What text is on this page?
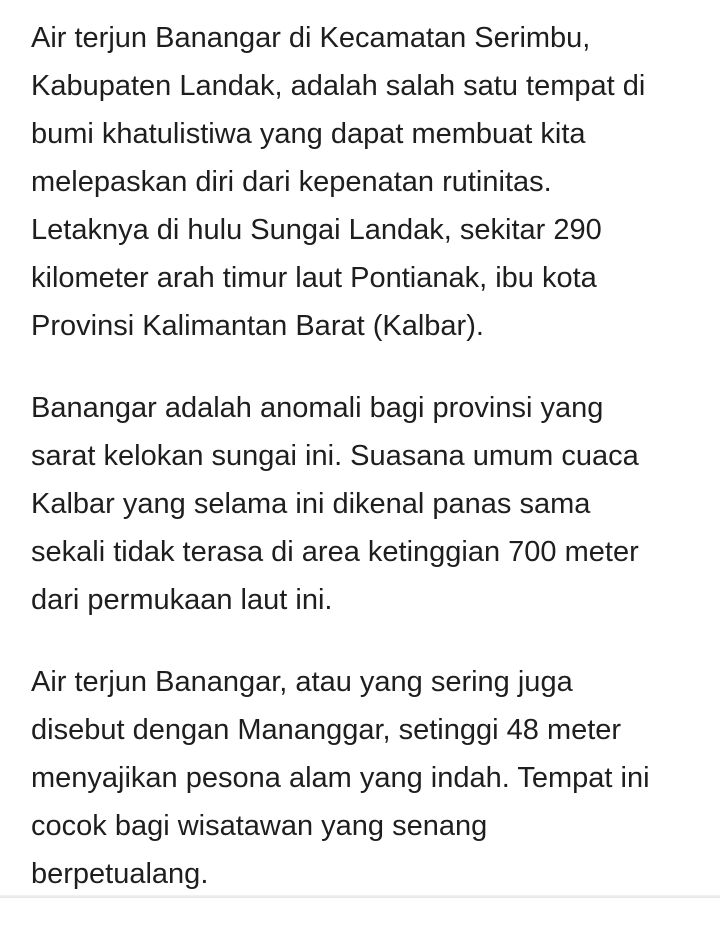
Air terjun Banangar di Kecamatan Serimbu,
Kabupaten Landak, adalah salah satu tempat di
bumi khatulistiwa yang dapat membuat kita
melepaskan diri dari kepenatan rutinitas.
Letaknya di hulu Sungai Landak, sekitar 290
kilometer arah timur laut Pontianak, ibu kota
Provinsi Kalimantan Barat (Kalbar).

Banangar adalah anomali bagi provinsi yang
sarat kelokan sungai ini. Suasana umum cuaca
Kalbar yang selama ini dikenal panas sama
sekali tidak terasa di area ketinggian 700 meter
dari permukaan laut ini.

Air terjun Banangar, atau yang sering juga
disebut dengan Mananggar, setinggi 48 meter
menyajikan pesona alam yang indah. Tempat ini
cocok bagi wisatawan yang senang
berpetualang.
